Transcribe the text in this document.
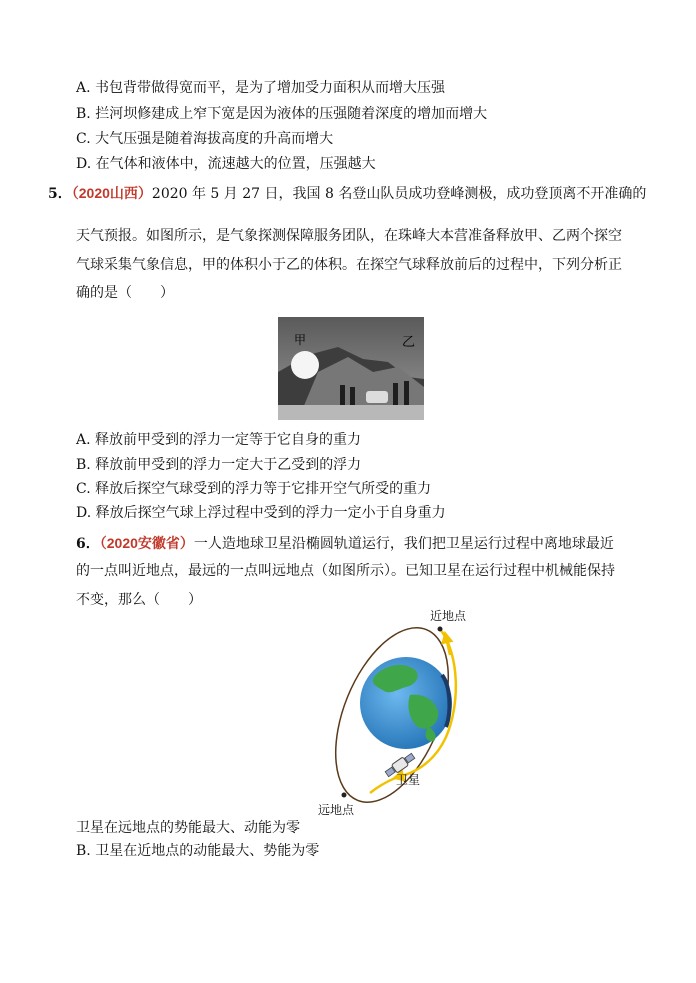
A. 书包背带做得宽而平，是为了增加受力面积从而增大压强
B. 拦河坝修建成上窄下宽是因为液体的压强随着深度的增加而增大
C. 大气压强是随着海拔高度的升高而增大
D. 在气体和液体中，流速越大的位置，压强越大
5．（2020山西）2020 年 5 月 27 日，我国 8 名登山队员成功登峰测极，成功登顶离不开准确的
天气预报。如图所示，是气象探测保障服务团队，在珠峰大本营准备释放甲、乙两个探空
气球采集气象信息，甲的体积小于乙的体积。在探空气球释放前后的过程中，下列分析正
确的是（　　）
甲	乙
A. 释放前甲受到的浮力一定等于它自身的重力
B. 释放前甲受到的浮力一定大于乙受到的浮力
C. 释放后探空气球受到的浮力等于它排开空气所受的重力
D. 释放后探空气球上浮过程中受到的浮力一定小于自身重力
6．（2020安徽省）一人造地球卫星沿椭圆轨道运行，我们把卫星运行过程中离地球最近
的一点叫近地点，最远的一点叫远地点（如图所示）。已知卫星在运行过程中机械能保持
不变，那么（　　）
近地点
卫星
远地点
卫星在远地点的势能最大、动能为零
B. 卫星在近地点的动能最大、势能为零
